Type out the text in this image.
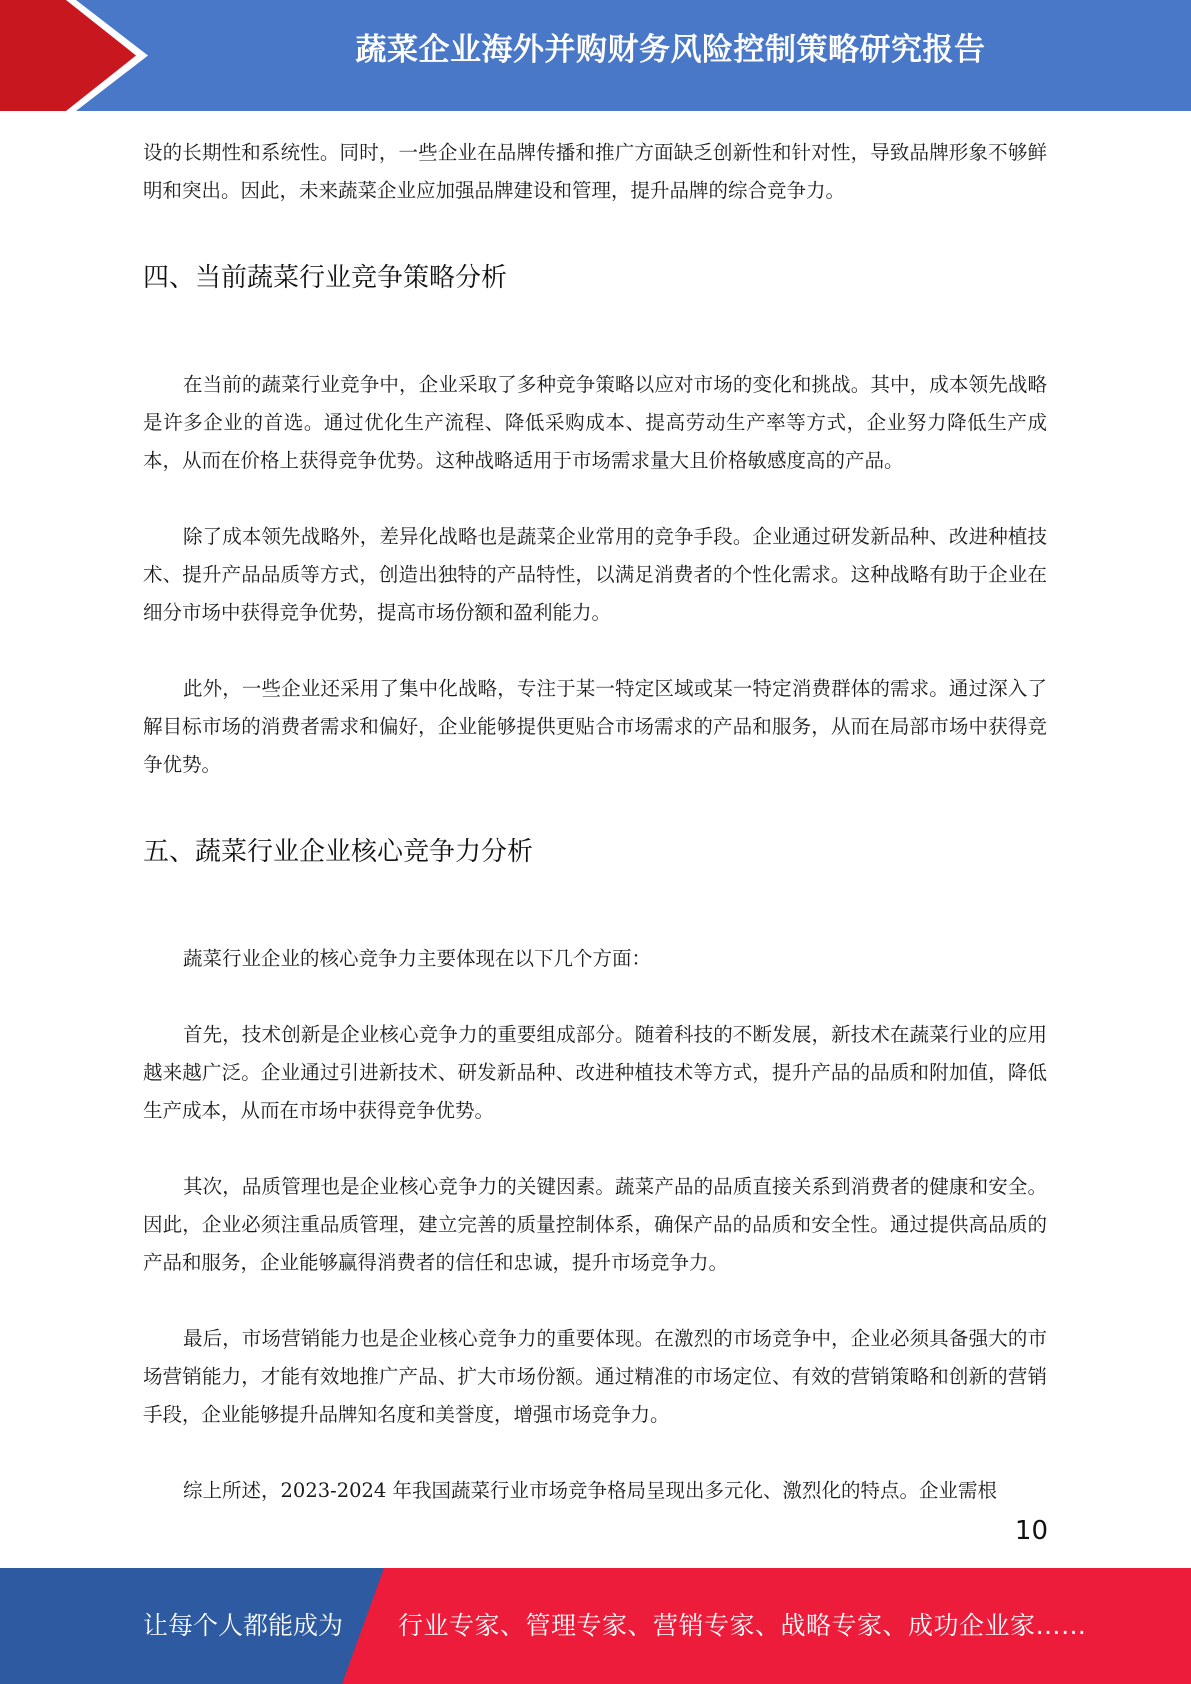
蔬菜企业海外并购财务风险控制策略研究报告

设的长期性和系统性。同时，一些企业在品牌传播和推广方面缺乏创新性和针对性，导致品牌形象不够鲜明和突出。因此，未来蔬菜企业应加强品牌建设和管理，提升品牌的综合竞争力。

四、当前蔬菜行业竞争策略分析

在当前的蔬菜行业竞争中，企业采取了多种竞争策略以应对市场的变化和挑战。其中，成本领先战略是许多企业的首选。通过优化生产流程、降低采购成本、提高劳动生产率等方式，企业努力降低生产成本，从而在价格上获得竞争优势。这种战略适用于市场需求量大且价格敏感度高的产品。

除了成本领先战略外，差异化战略也是蔬菜企业常用的竞争手段。企业通过研发新品种、改进种植技术、提升产品品质等方式，创造出独特的产品特性，以满足消费者的个性化需求。这种战略有助于企业在细分市场中获得竞争优势，提高市场份额和盈利能力。

此外，一些企业还采用了集中化战略，专注于某一特定区域或某一特定消费群体的需求。通过深入了解目标市场的消费者需求和偏好，企业能够提供更贴合市场需求的产品和服务，从而在局部市场中获得竞争优势。

五、蔬菜行业企业核心竞争力分析

蔬菜行业企业的核心竞争力主要体现在以下几个方面：

首先，技术创新是企业核心竞争力的重要组成部分。随着科技的不断发展，新技术在蔬菜行业的应用越来越广泛。企业通过引进新技术、研发新品种、改进种植技术等方式，提升产品的品质和附加值，降低生产成本，从而在市场中获得竞争优势。

其次，品质管理也是企业核心竞争力的关键因素。蔬菜产品的品质直接关系到消费者的健康和安全。因此，企业必须注重品质管理，建立完善的质量控制体系，确保产品的品质和安全性。通过提供高品质的产品和服务，企业能够赢得消费者的信任和忠诚，提升市场竞争力。

最后，市场营销能力也是企业核心竞争力的重要体现。在激烈的市场竞争中，企业必须具备强大的市场营销能力，才能有效地推广产品、扩大市场份额。通过精准的市场定位、有效的营销策略和创新的营销手段，企业能够提升品牌知名度和美誉度，增强市场竞争力。

综上所述，2023-2024 年我国蔬菜行业市场竞争格局呈现出多元化、激烈化的特点。企业需根

10
让每个人都能成为 行业专家、管理专家、营销专家、战略专家、成功企业家……
